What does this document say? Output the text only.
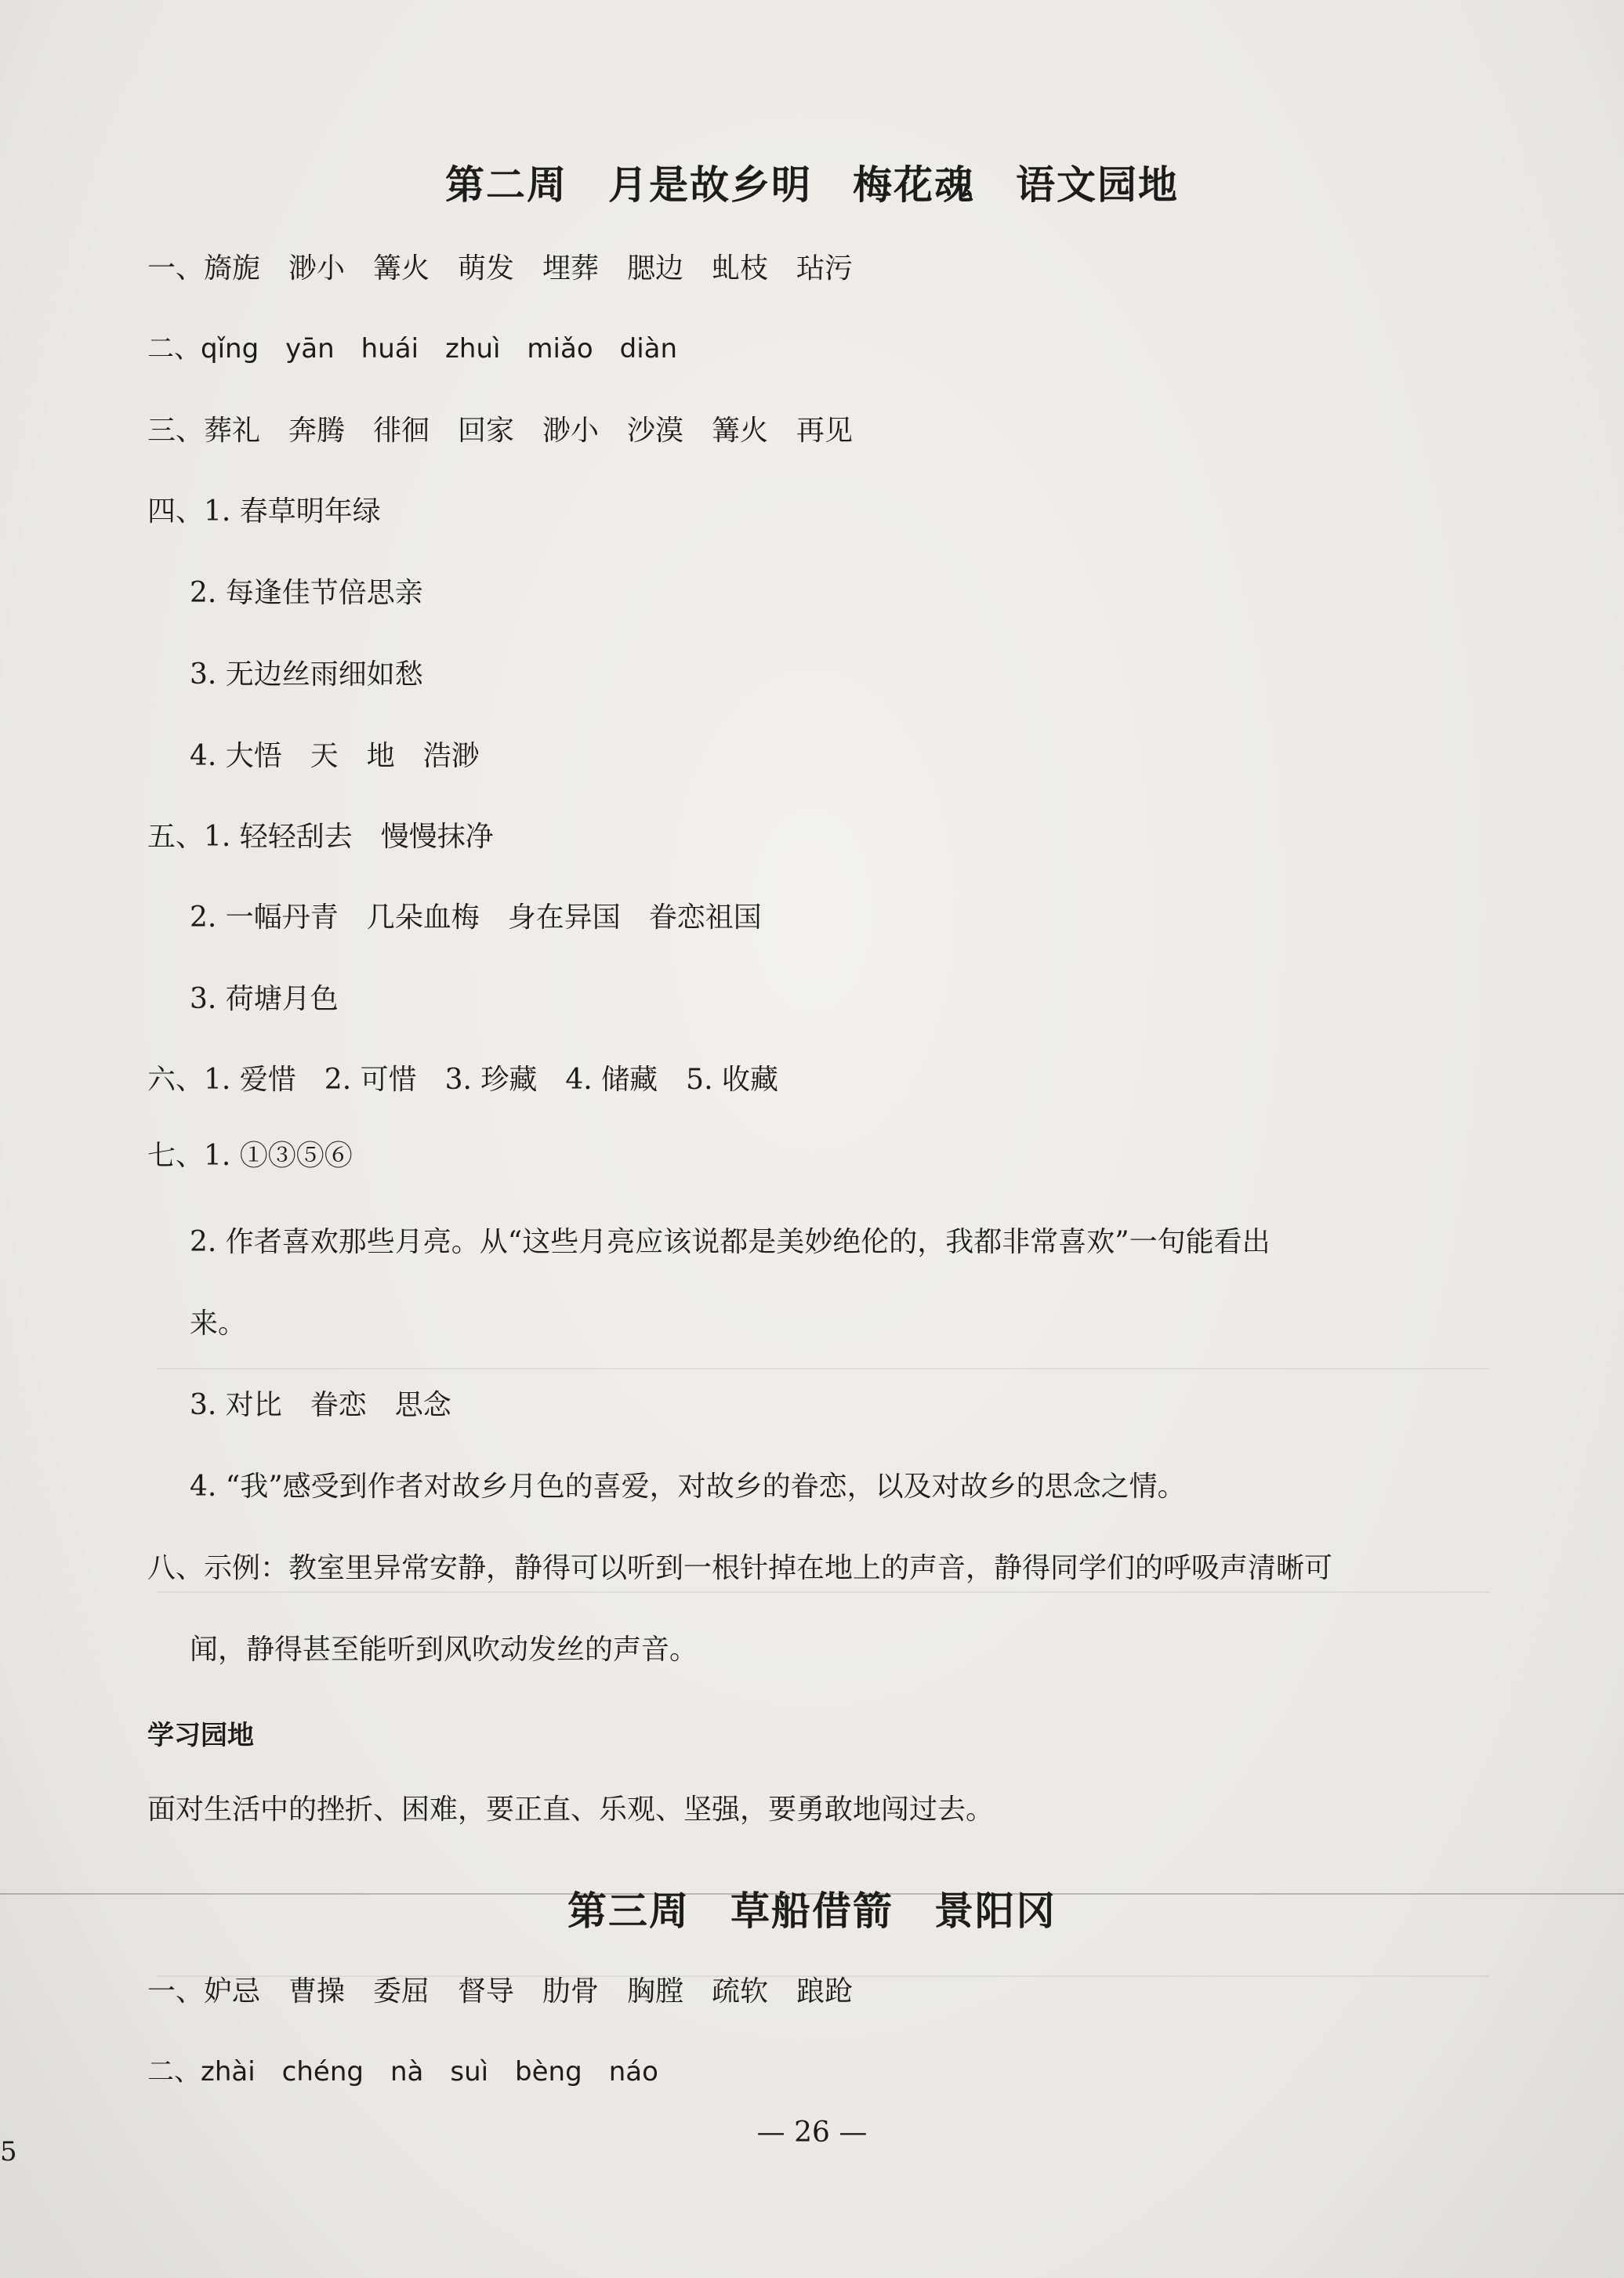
第二周　月是故乡明　梅花魂　语文园地
一、旖旎　渺小　篝火　萌发　埋葬　腮边　虬枝　玷污
二、qǐng　yān　huái　zhuì　miǎo　diàn
三、葬礼　奔腾　徘徊　回家　渺小　沙漠　篝火　再见
四、1. 春草明年绿
2. 每逢佳节倍思亲
3. 无边丝雨细如愁
4. 大悟　天　地　浩渺
五、1. 轻轻刮去　慢慢抹净
2. 一幅丹青　几朵血梅　身在异国　眷恋祖国
3. 荷塘月色
六、1. 爱惜　2. 可惜　3. 珍藏　4. 储藏　5. 收藏
七、1. ①③⑤⑥
2. 作者喜欢那些月亮。从“这些月亮应该说都是美妙绝伦的，我都非常喜欢”一句能看出
来。
3. 对比　眷恋　思念
4. “我”感受到作者对故乡月色的喜爱，对故乡的眷恋，以及对故乡的思念之情。
八、示例：教室里异常安静，静得可以听到一根针掉在地上的声音，静得同学们的呼吸声清晰可
闻，静得甚至能听到风吹动发丝的声音。
学习园地
面对生活中的挫折、困难，要正直、乐观、坚强，要勇敢地闯过去。
第三周　草船借箭　景阳冈
一、妒忌　曹操　委屈　督导　肋骨　胸膛　疏软　踉跄
二、zhài　chéng　nà　suì　bèng　náo
— 26 —
5
